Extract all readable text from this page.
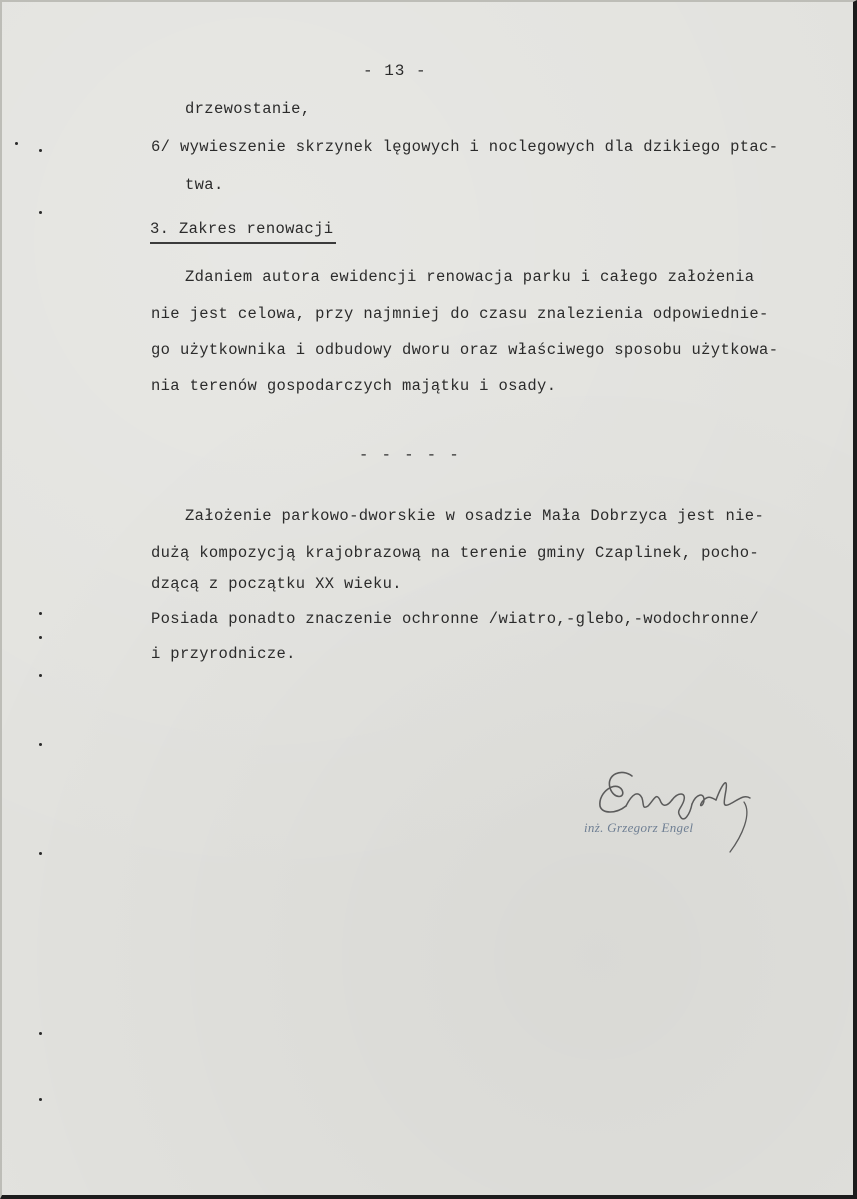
- 13 -
drzewostanie,
6/ wywieszenie skrzynek lęgowych i noclegowych dla dzikiego ptac-
twa.
3. Zakres renowacji
Zdaniem autora ewidencji renowacja parku i całego założenia
nie jest celowa, przy najmniej do czasu znalezienia odpowiednie-
go użytkownika i odbudowy dworu oraz właściwego sposobu użytkowa-
nia terenów gospodarczych majątku i osady.
- - - - -
Założenie parkowo-dworskie w osadzie Mała Dobrzyca jest nie-
dużą kompozycją krajobrazową na terenie gminy Czaplinek, pocho-
dzącą z początku XX wieku.
Posiada ponadto znaczenie ochronne /wiatro,-glebo,-wodochronne/
i przyrodnicze.
inż. Grzegorz Engel
